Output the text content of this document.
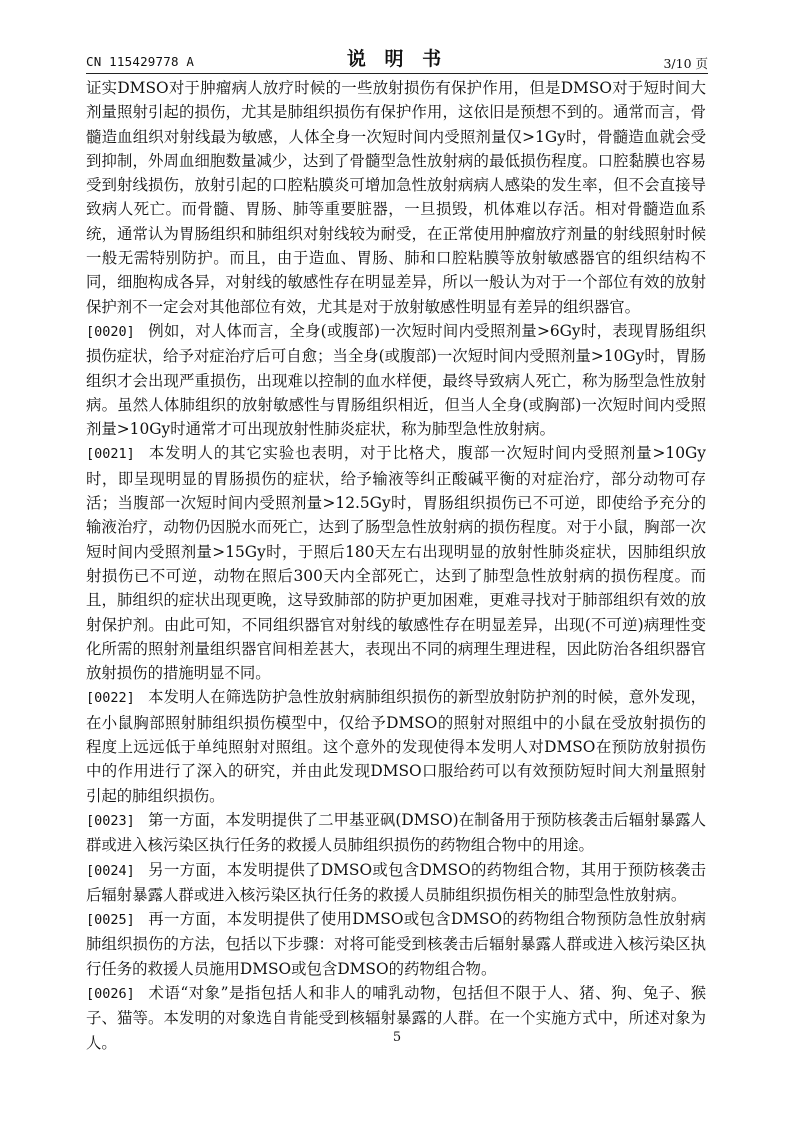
CN 115429778 A	说 明 书	3/10 页

证实DMSO对于肿瘤病人放疗时候的一些放射损伤有保护作用，但是DMSO对于短时间大剂量照射引起的损伤，尤其是肺组织损伤有保护作用，这依旧是预想不到的。通常而言，骨髓造血组织对射线最为敏感，人体全身一次短时间内受照剂量仅>1Gy时，骨髓造血就会受到抑制，外周血细胞数量减少，达到了骨髓型急性放射病的最低损伤程度。口腔黏膜也容易受到射线损伤，放射引起的口腔粘膜炎可增加急性放射病病人感染的发生率，但不会直接导致病人死亡。而骨髓、胃肠、肺等重要脏器，一旦损毁，机体难以存活。相对骨髓造血系统，通常认为胃肠组织和肺组织对射线较为耐受，在正常使用肿瘤放疗剂量的射线照射时候一般无需特别防护。而且，由于造血、胃肠、肺和口腔粘膜等放射敏感器官的组织结构不同，细胞构成各异，对射线的敏感性存在明显差异，所以一般认为对于一个部位有效的放射保护剂不一定会对其他部位有效，尤其是对于放射敏感性明显有差异的组织器官。

[0020] 例如，对人体而言，全身(或腹部)一次短时间内受照剂量>6Gy时，表现胃肠组织损伤症状，给予对症治疗后可自愈；当全身(或腹部)一次短时间内受照剂量>10Gy时，胃肠组织才会出现严重损伤，出现难以控制的血水样便，最终导致病人死亡，称为肠型急性放射病。虽然人体肺组织的放射敏感性与胃肠组织相近，但当人全身(或胸部)一次短时间内受照剂量>10Gy时通常才可出现放射性肺炎症状，称为肺型急性放射病。

[0021] 本发明人的其它实验也表明，对于比格犬，腹部一次短时间内受照剂量>10Gy时，即呈现明显的胃肠损伤的症状，给予输液等纠正酸碱平衡的对症治疗，部分动物可存活；当腹部一次短时间内受照剂量>12.5Gy时，胃肠组织损伤已不可逆，即使给予充分的输液治疗，动物仍因脱水而死亡，达到了肠型急性放射病的损伤程度。对于小鼠，胸部一次短时间内受照剂量>15Gy时，于照后180天左右出现明显的放射性肺炎症状，因肺组织放射损伤已不可逆，动物在照后300天内全部死亡，达到了肺型急性放射病的损伤程度。而且，肺组织的症状出现更晚，这导致肺部的防护更加困难，更难寻找对于肺部组织有效的放射保护剂。由此可知，不同组织器官对射线的敏感性存在明显差异，出现(不可逆)病理性变化所需的照射剂量组织器官间相差甚大，表现出不同的病理生理进程，因此防治各组织器官放射损伤的措施明显不同。

[0022] 本发明人在筛选防护急性放射病肺组织损伤的新型放射防护剂的时候，意外发现，在小鼠胸部照射肺组织损伤模型中，仅给予DMSO的照射对照组中的小鼠在受放射损伤的程度上远远低于单纯照射对照组。这个意外的发现使得本发明人对DMSO在预防放射损伤中的作用进行了深入的研究，并由此发现DMSO口服给药可以有效预防短时间大剂量照射引起的肺组织损伤。

[0023] 第一方面，本发明提供了二甲基亚砜(DMSO)在制备用于预防核袭击后辐射暴露人群或进入核污染区执行任务的救援人员肺组织损伤的药物组合物中的用途。

[0024] 另一方面，本发明提供了DMSO或包含DMSO的药物组合物，其用于预防核袭击后辐射暴露人群或进入核污染区执行任务的救援人员肺组织损伤相关的肺型急性放射病。

[0025] 再一方面，本发明提供了使用DMSO或包含DMSO的药物组合物预防急性放射病肺组织损伤的方法，包括以下步骤：对将可能受到核袭击后辐射暴露人群或进入核污染区执行任务的救援人员施用DMSO或包含DMSO的药物组合物。

[0026] 术语“对象”是指包括人和非人的哺乳动物，包括但不限于人、猪、狗、兔子、猴子、猫等。本发明的对象选自肯能受到核辐射暴露的人群。在一个实施方式中，所述对象为人。	5
